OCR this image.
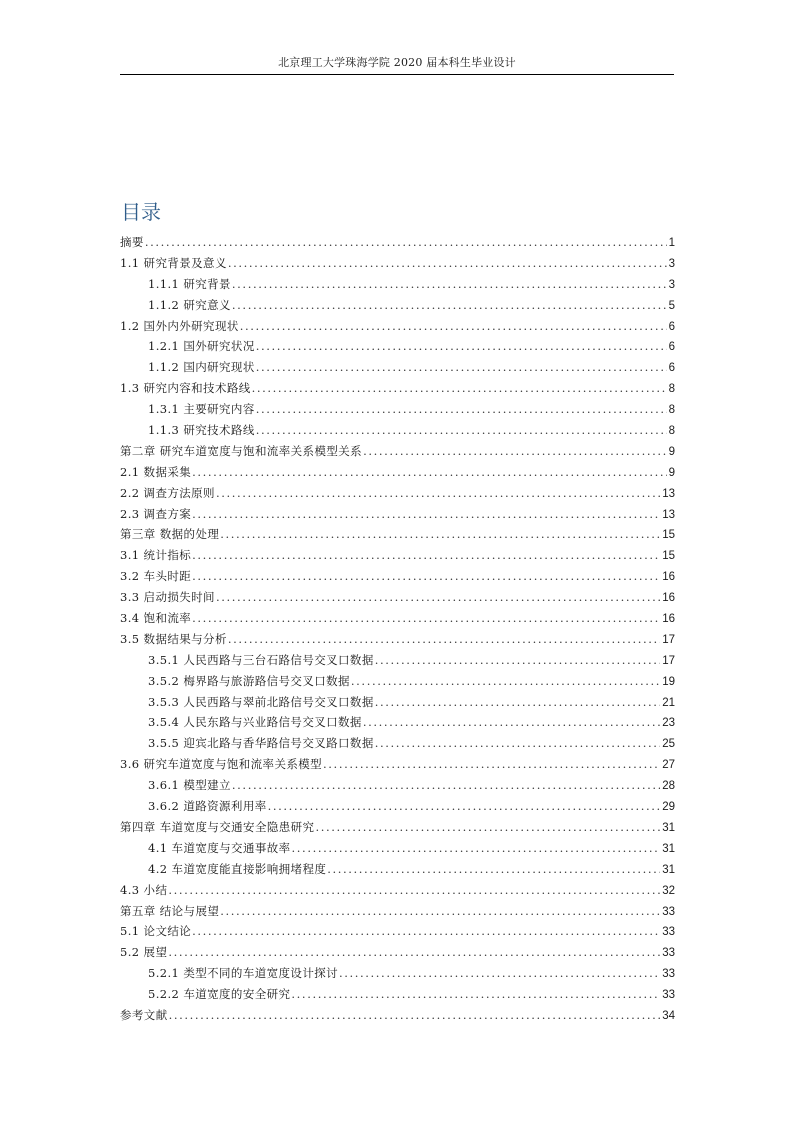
北京理工大学珠海学院 2020 届本科生毕业设计
目录
摘要 .....	1
1.1 研究背景及意义 .....	3
1.1.1 研究背景 .....	3
1.1.2 研究意义 .....	5
1.2 国外内外研究现状 .....	6
1.2.1 国外研究状况 .....	6
1.1.2 国内研究现状 .....	6
1.3 研究内容和技术路线 .....	8
1.3.1 主要研究内容 .....	8
1.1.3 研究技术路线 .....	8
第二章 研究车道宽度与饱和流率关系模型关系 .....	9
2.1 数据采集 .....	9
2.2 调查方法原则 .....	13
2.3 调查方案 .....	13
第三章 数据的处理 .....	15
3.1 统计指标 .....	15
3.2 车头时距 .....	16
3.3 启动损失时间 .....	16
3.4 饱和流率 .....	16
3.5 数据结果与分析 .....	17
3.5.1 人民西路与三台石路信号交叉口数据 .....	17
3.5.2 梅界路与旅游路信号交叉口数据 .....	19
3.5.3 人民西路与翠前北路信号交叉口数据 .....	21
3.5.4 人民东路与兴业路信号交叉口数据 .....	23
3.5.5 迎宾北路与香华路信号交叉路口数据 .....	25
3.6 研究车道宽度与饱和流率关系模型 .....	27
3.6.1 模型建立 .....	28
3.6.2 道路资源利用率 .....	29
第四章 车道宽度与交通安全隐患研究 .....	31
4.1 车道宽度与交通事故率 .....	31
4.2 车道宽度能直接影响拥堵程度 .....	31
4.3 小结 .....	32
第五章 结论与展望 .....	33
5.1 论文结论 .....	33
5.2 展望 .....	33
5.2.1 类型不同的车道宽度设计探讨 .....	33
5.2.2 车道宽度的安全研究 .....	33
参考文献 .....	34
